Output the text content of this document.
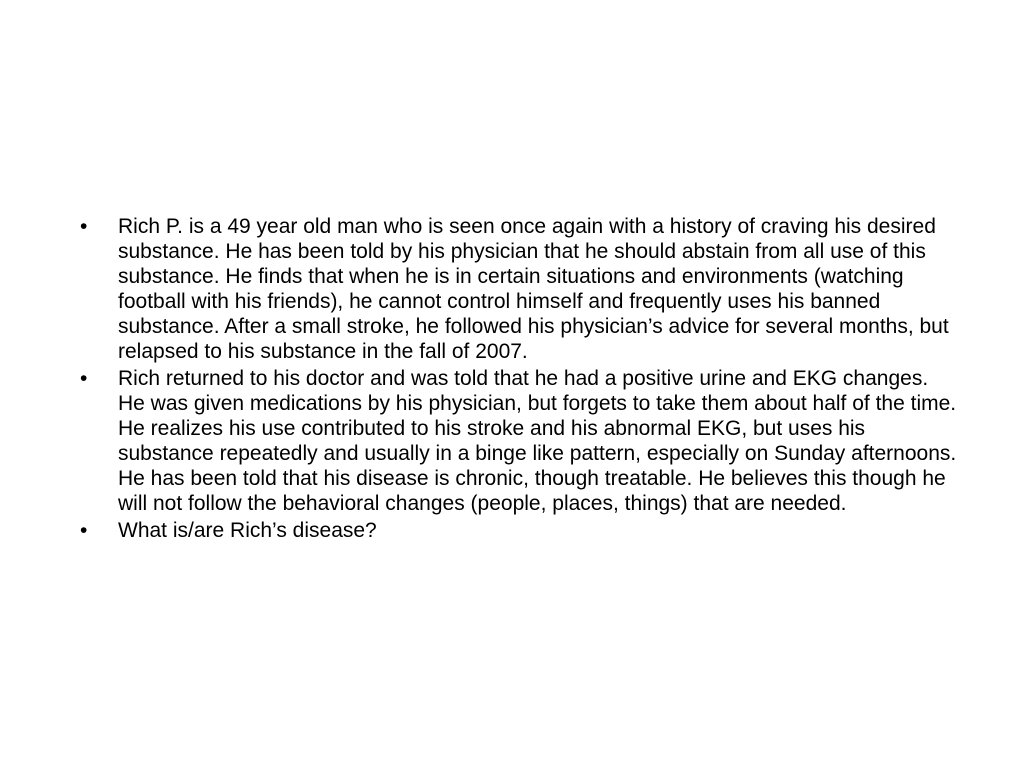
•	Rich P. is a 49 year old man who is seen once again with a history of craving his desired substance. He has been told by his physician that he should abstain from all use of this substance. He finds that when he is in certain situations and environments (watching football with his friends), he cannot control himself and frequently uses his banned substance. After a small stroke, he followed his physician’s advice for several months, but relapsed to his substance in the fall of 2007.
•	Rich returned to his doctor and was told that he had a positive urine and EKG changes. He was given medications by his physician, but forgets to take them about half of the time. He realizes his use contributed to his stroke and his abnormal EKG, but uses his substance repeatedly and usually in a binge like pattern, especially on Sunday afternoons. He has been told that his disease is chronic, though treatable. He believes this though he will not follow the behavioral changes (people, places, things) that are needed.
•	What is/are Rich’s disease?
